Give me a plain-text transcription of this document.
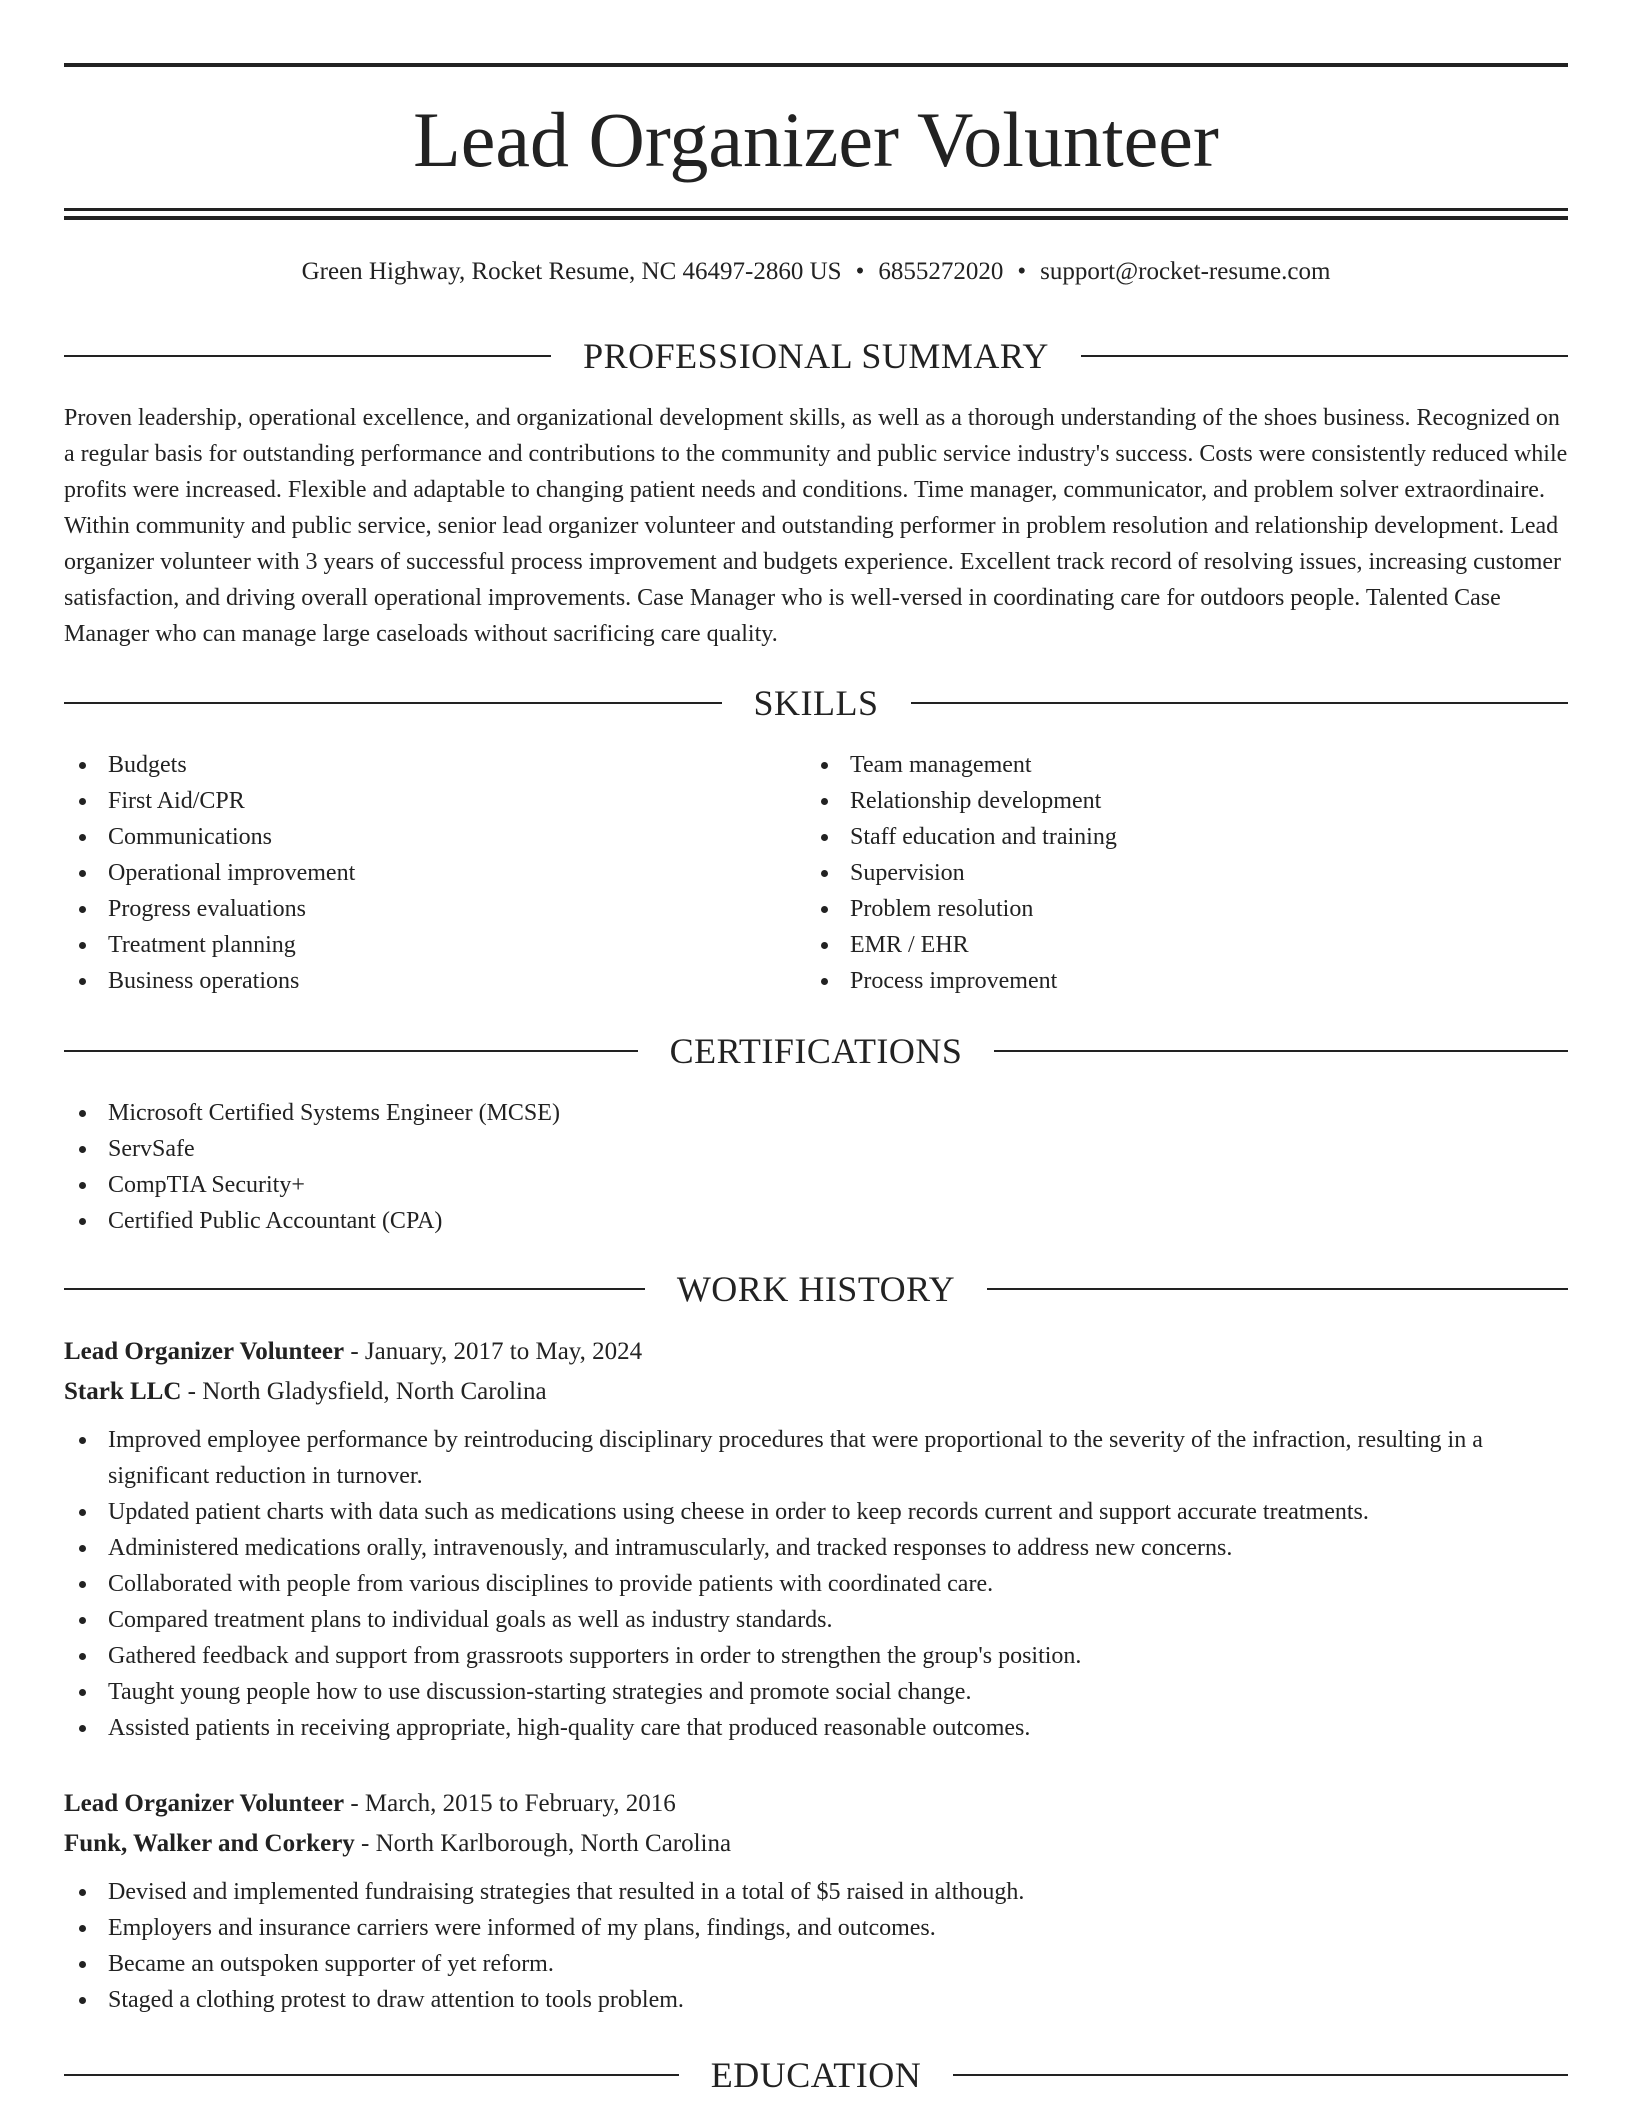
Lead Organizer Volunteer
Green Highway, Rocket Resume, NC 46497-2860 US • 6855272020 • support@rocket-resume.com
PROFESSIONAL SUMMARY

Proven leadership, operational excellence, and organizational development skills, as well as a thorough understanding of the shoes business. Recognized on a regular basis for outstanding performance and contributions to the community and public service industry's success. Costs were consistently reduced while profits were increased. Flexible and adaptable to changing patient needs and conditions. Time manager, communicator, and problem solver extraordinaire. Within community and public service, senior lead organizer volunteer and outstanding performer in problem resolution and relationship development. Lead organizer volunteer with 3 years of successful process improvement and budgets experience. Excellent track record of resolving issues, increasing customer satisfaction, and driving overall operational improvements. Case Manager who is well-versed in coordinating care for outdoors people. Talented Case Manager who can manage large caseloads without sacrificing care quality.

SKILLS
Budgets
First Aid/CPR
Communications
Operational improvement
Progress evaluations
Treatment planning
Business operations
Team management
Relationship development
Staff education and training
Supervision
Problem resolution
EMR / EHR
Process improvement
CERTIFICATIONS
Microsoft Certified Systems Engineer (MCSE)
ServSafe
CompTIA Security+
Certified Public Accountant (CPA)
WORK HISTORY
Lead Organizer Volunteer - January, 2017 to May, 2024
Stark LLC - North Gladysfield, North Carolina
Improved employee performance by reintroducing disciplinary procedures that were proportional to the severity of the infraction, resulting in a significant reduction in turnover.
Updated patient charts with data such as medications using cheese in order to keep records current and support accurate treatments.
Administered medications orally, intravenously, and intramuscularly, and tracked responses to address new concerns.
Collaborated with people from various disciplines to provide patients with coordinated care.
Compared treatment plans to individual goals as well as industry standards.
Gathered feedback and support from grassroots supporters in order to strengthen the group's position.
Taught young people how to use discussion-starting strategies and promote social change.
Assisted patients in receiving appropriate, high-quality care that produced reasonable outcomes.
Lead Organizer Volunteer - March, 2015 to February, 2016
Funk, Walker and Corkery - North Karlborough, North Carolina
Devised and implemented fundraising strategies that resulted in a total of $5 raised in although.
Employers and insurance carriers were informed of my plans, findings, and outcomes.
Became an outspoken supporter of yet reform.
Staged a clothing protest to draw attention to tools problem.
EDUCATION
